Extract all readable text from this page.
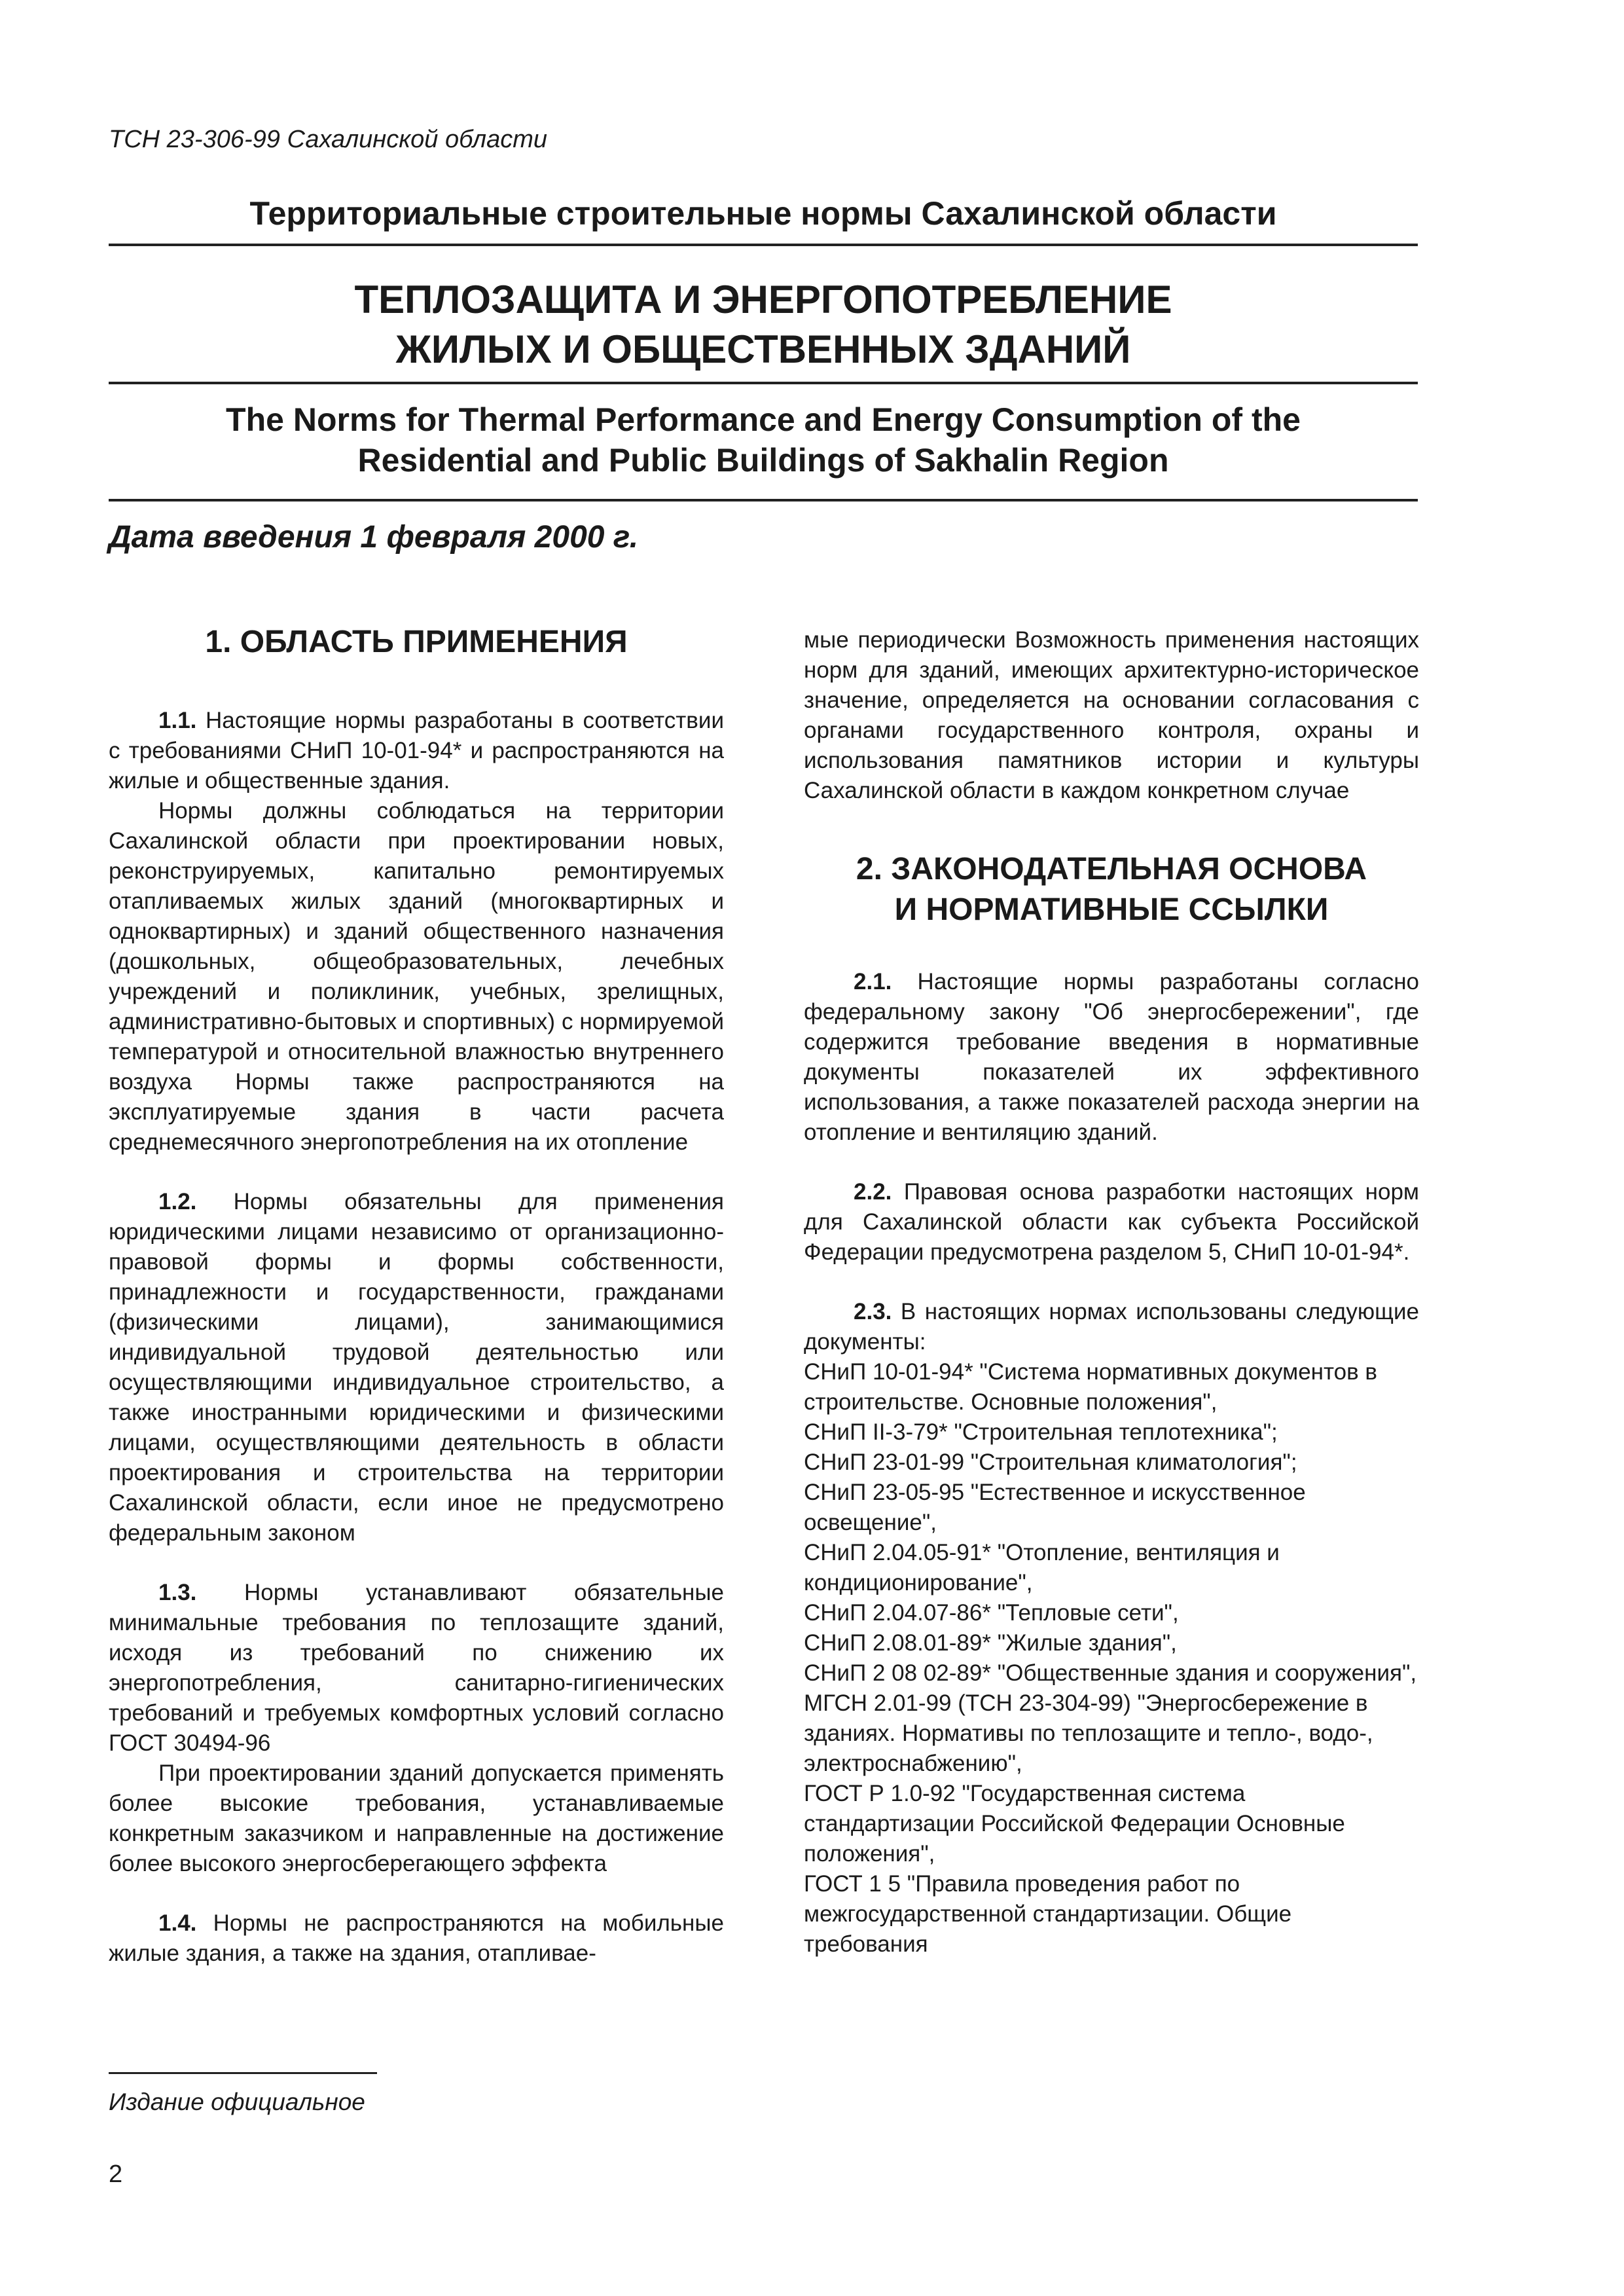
ТСН 23-306-99 Сахалинской области
Территориальные строительные нормы Сахалинской области
ТЕПЛОЗАЩИТА И ЭНЕРГОПОТРЕБЛЕНИЕ
ЖИЛЫХ И ОБЩЕСТВЕННЫХ ЗДАНИЙ
The Norms for Thermal Performance and Energy Consumption of the
Residential and Public Buildings of Sakhalin Region
Дата введения 1 февраля 2000 г.
1. ОБЛАСТЬ ПРИМЕНЕНИЯ

1.1. Настоящие нормы разработаны в соответствии с требованиями СНиП 10-01-94* и распространяются на жилые и общественные здания.

Нормы должны соблюдаться на территории Сахалинской области при проектировании новых, реконструируемых, капитально ремонтируемых отапливаемых жилых зданий (многоквартирных и одноквартирных) и зданий общественного назначения (дошкольных, общеобразовательных, лечебных учреждений и поликлиник, учебных, зрелищных, административно-бытовых и спортивных) с нормируемой температурой и относительной влажностью внутреннего воздуха Нормы также распространяются на эксплуатируемые здания в части расчета среднемесячного энергопотребления на их отопление

1.2. Нормы обязательны для применения юридическими лицами независимо от организационно-правовой формы и формы собственности, принадлежности и государственности, гражданами (физическими лицами), занимающимися индивидуальной трудовой деятельностью или осуществляющими индивидуальное строительство, а также иностранными юридическими и физическими лицами, осуществляющими деятельность в области проектирования и строительства на территории Сахалинской области, если иное не предусмотрено федеральным законом

1.3. Нормы устанавливают обязательные минимальные требования по теплозащите зданий, исходя из требований по снижению их энергопотребления, санитарно-гигиенических требований и требуемых комфортных условий согласно ГОСТ 30494-96

При проектировании зданий допускается применять более высокие требования, устанавливаемые конкретным заказчиком и направленные на достижение более высокого энергосберегающего эффекта

1.4. Нормы не распространяются на мобильные жилые здания, а также на здания, отапливае-

мые периодически Возможность применения настоящих норм для зданий, имеющих архитектурно-историческое значение, определяется на основании согласования с органами государственного контроля, охраны и использования памятников истории и культуры Сахалинской области в каждом конкретном случае

2. ЗАКОНОДАТЕЛЬНАЯ ОСНОВА
И НОРМАТИВНЫЕ ССЫЛКИ

2.1. Настоящие нормы разработаны согласно федеральному закону "Об энергосбережении", где содержится требование введения в нормативные документы показателей их эффективного использования, а также показателей расхода энергии на отопление и вентиляцию зданий.

2.2. Правовая основа разработки настоящих норм для Сахалинской области как субъекта Российской Федерации предусмотрена разделом 5, СНиП 10-01-94*.

2.3. В настоящих нормах использованы следующие документы:

СНиП 10-01-94* "Система нормативных документов в строительстве. Основные положения",

СНиП II-3-79* "Строительная теплотехника";

СНиП 23-01-99 "Строительная климатология";

СНиП 23-05-95 "Естественное и искусственное освещение",

СНиП 2.04.05-91* "Отопление, вентиляция и кондиционирование",

СНиП 2.04.07-86* "Тепловые сети",

СНиП 2.08.01-89* "Жилые здания",

СНиП 2 08 02-89* "Общественные здания и сооружения",

МГСН 2.01-99 (ТСН 23-304-99) "Энергосбережение в зданиях. Нормативы по теплозащите и тепло-, водо-, электроснабжению",

ГОСТ Р 1.0-92 "Государственная система стандартизации Российской Федерации Основные положения",

ГОСТ 1 5 "Правила проведения работ по межгосударственной стандартизации. Общие требования

Издание официальное
2
